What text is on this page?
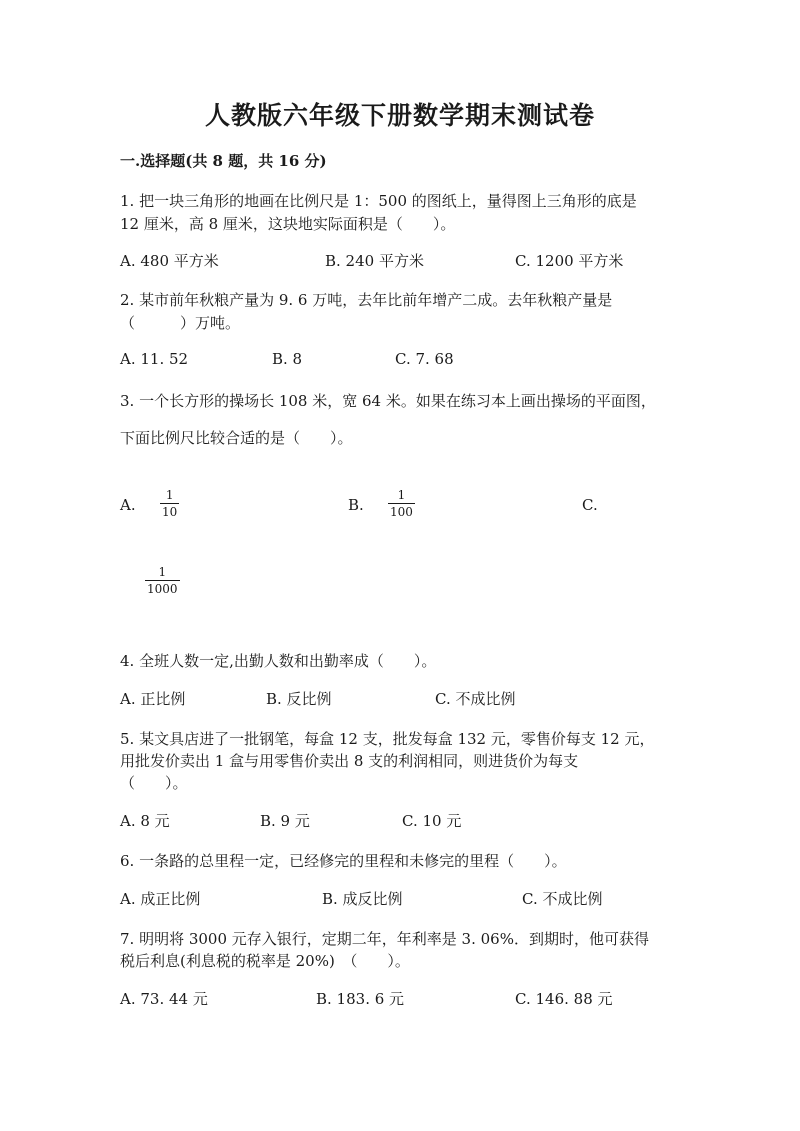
人教版六年级下册数学期末测试卷
一.选择题(共 8 题，共 16 分)
1. 把一块三角形的地画在比例尺是 1：500 的图纸上，量得图上三角形的底是
12 厘米，高 8 厘米，这块地实际面积是（　　）。
A. 480 平方米	B. 240 平方米	C. 1200 平方米
2. 某市前年秋粮产量为 9. 6 万吨，去年比前年增产二成。去年秋粮产量是
（　　　）万吨。
A. 11. 52	B. 8	C. 7. 68
3. 一个长方形的操场长 108 米，宽 64 米。如果在练习本上画出操场的平面图，
下面比例尺比较合适的是（　　）。
A.
1
10	B.
1
100	C.
1
1000
4. 全班人数一定,出勤人数和出勤率成（　　）。
A. 正比例	B. 反比例	C. 不成比例
5. 某文具店进了一批钢笔，每盒 12 支，批发每盒 132 元，零售价每支 12 元，
用批发价卖出 1 盒与用零售价卖出 8 支的利润相同，则进货价为每支
（　　）。
A. 8 元	B. 9 元	C. 10 元
6. 一条路的总里程一定，已经修完的里程和未修完的里程（　　）。
A. 成正比例	B. 成反比例	C. 不成比例
7. 明明将 3000 元存入银行，定期二年，年利率是 3. 06%．到期时，他可获得
税后利息(利息税的税率是 20%)　（　　）。
A. 73. 44 元	B. 183. 6 元	C. 146. 88 元
